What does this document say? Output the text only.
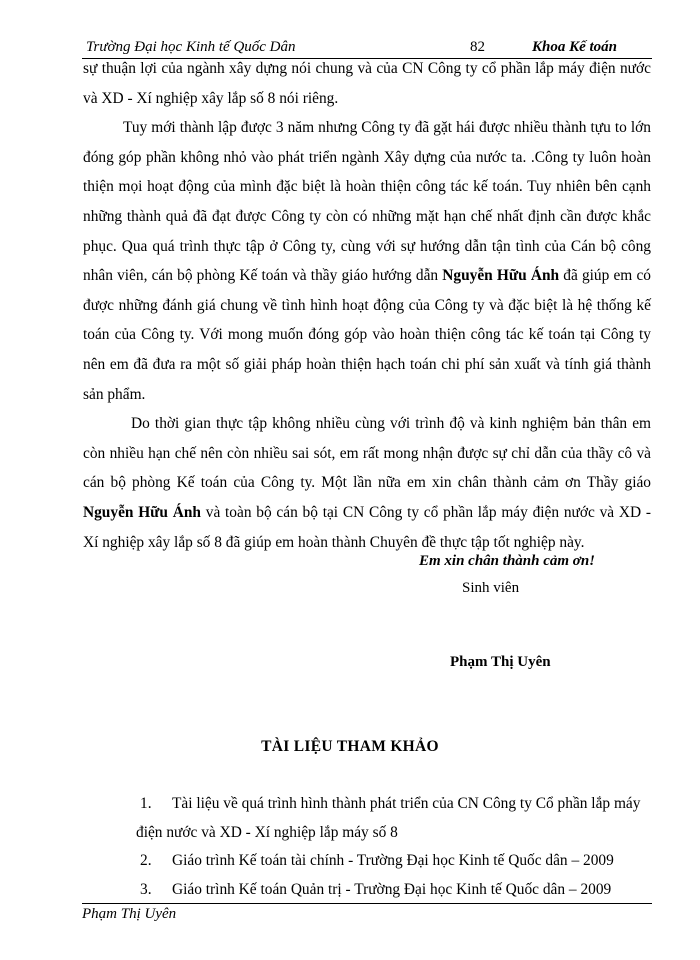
Trường Đại học Kinh tế Quốc Dân	82	Khoa Kế toán

sự thuận lợi của ngành xây dựng nói chung và của CN Công ty cổ phần lắp máy điện nước và XD - Xí nghiệp xây lắp số 8 nói riêng.

Tuy mới thành lập được 3 năm nhưng Công ty đã gặt hái được nhiều thành tựu to lớn đóng góp phần không nhỏ vào phát triển ngành Xây dựng của nước ta. .Công ty luôn hoàn thiện mọi hoạt động của mình đặc biệt là hoàn thiện công tác kế toán. Tuy nhiên bên cạnh những thành quả đã đạt được Công ty còn có những mặt hạn chế nhất định cần được khắc phục. Qua quá trình thực tập ở Công ty, cùng với sự hướng dẫn tận tình của Cán bộ công nhân viên, cán bộ phòng Kế toán và thầy giáo hướng dẫn Nguyễn Hữu Ánh đã giúp em có được những đánh giá chung về tình hình hoạt động của Công ty và đặc biệt là hệ thống kế toán của Công ty. Với mong muốn đóng góp vào hoàn thiện công tác kế toán tại Công ty nên em đã đưa ra một số giải pháp hoàn thiện hạch toán chi phí sản xuất và tính giá thành sản phẩm.

Do thời gian thực tập không nhiều cùng với trình độ và kinh nghiệm bản thân em còn nhiều hạn chế nên còn nhiều sai sót, em rất mong nhận được sự chỉ dẫn của thầy cô và cán bộ phòng Kế toán của Công ty. Một lần nữa em xin chân thành cảm ơn Thầy giáo Nguyễn Hữu Ánh và toàn bộ cán bộ tại CN Công ty cổ phần lắp máy điện nước và XD - Xí nghiệp xây lắp số 8 đã giúp em hoàn thành Chuyên đề thực tập tốt nghiệp này.

Em xin chân thành cảm ơn!
Sinh viên
Phạm Thị Uyên
TÀI LIỆU THAM KHẢO
1. Tài liệu về quá trình hình thành phát triển của CN Công ty Cổ phần lắp máy điện nước và XD - Xí nghiệp lắp máy số 8
2. Giáo trình Kế toán tài chính - Trường Đại học Kinh tế Quốc dân – 2009
3. Giáo trình Kế toán Quản trị - Trường Đại học Kinh tế Quốc dân – 2009
Phạm Thị Uyên
